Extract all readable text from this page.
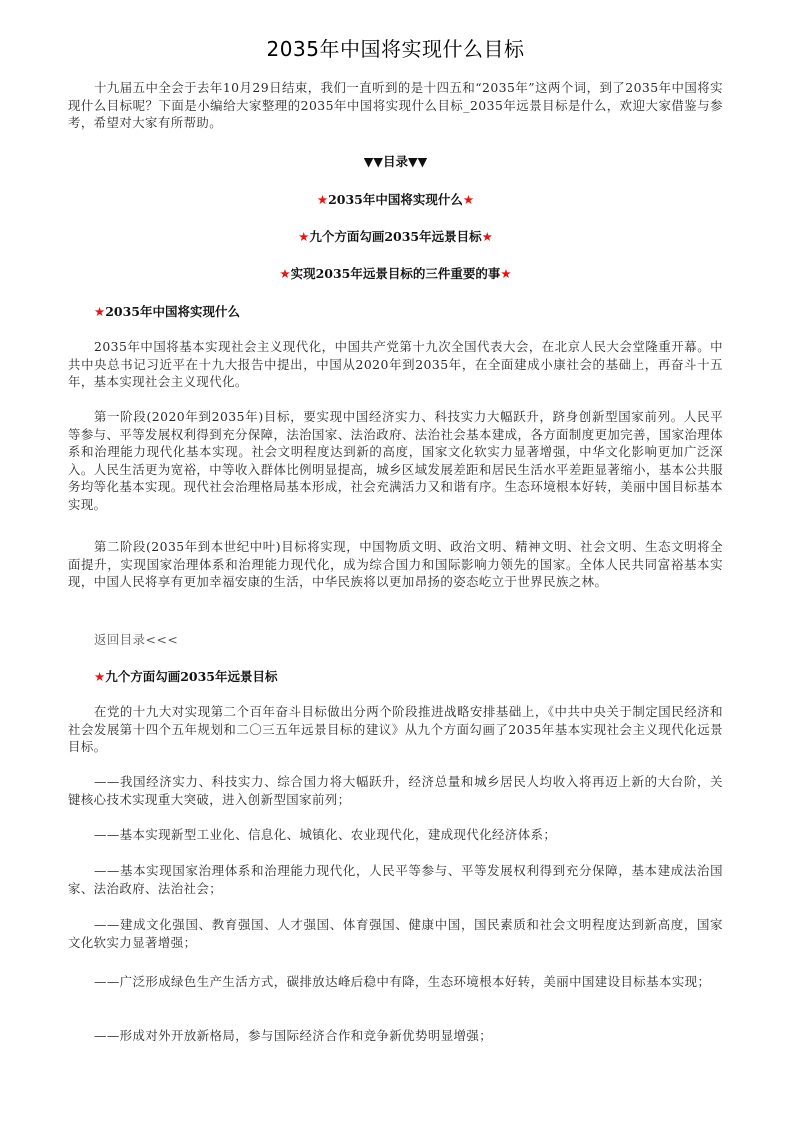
2035年中国将实现什么目标

十九届五中全会于去年10月29日结束，我们一直听到的是十四五和“2035年”这两个词，到了2035年中国将实现什么目标呢？下面是小编给大家整理的2035年中国将实现什么目标_2035年远景目标是什么，欢迎大家借鉴与参考，希望对大家有所帮助。

▼▼目录▼▼

★2035年中国将实现什么★

★九个方面勾画2035年远景目标★

★实现2035年远景目标的三件重要的事★

★2035年中国将实现什么

2035年中国将基本实现社会主义现代化，中国共产党第十九次全国代表大会，在北京人民大会堂隆重开幕。中共中央总书记习近平在十九大报告中提出，中国从2020年到2035年，在全面建成小康社会的基础上，再奋斗十五年，基本实现社会主义现代化。

第一阶段(2020年到2035年)目标，要实现中国经济实力、科技实力大幅跃升，跻身创新型国家前列。人民平等参与、平等发展权利得到充分保障，法治国家、法治政府、法治社会基本建成，各方面制度更加完善，国家治理体系和治理能力现代化基本实现。社会文明程度达到新的高度，国家文化软实力显著增强，中华文化影响更加广泛深入。人民生活更为宽裕，中等收入群体比例明显提高，城乡区域发展差距和居民生活水平差距显著缩小，基本公共服务均等化基本实现。现代社会治理格局基本形成，社会充满活力又和谐有序。生态环境根本好转，美丽中国目标基本实现。

第二阶段(2035年到本世纪中叶)目标将实现，中国物质文明、政治文明、精神文明、社会文明、生态文明将全面提升，实现国家治理体系和治理能力现代化，成为综合国力和国际影响力领先的国家。全体人民共同富裕基本实现，中国人民将享有更加幸福安康的生活，中华民族将以更加昂扬的姿态屹立于世界民族之林。

返回目录<<<

★九个方面勾画2035年远景目标

在党的十九大对实现第二个百年奋斗目标做出分两个阶段推进战略安排基础上，《中共中央关于制定国民经济和社会发展第十四个五年规划和二〇三五年远景目标的建议》从九个方面勾画了2035年基本实现社会主义现代化远景目标。

——我国经济实力、科技实力、综合国力将大幅跃升，经济总量和城乡居民人均收入将再迈上新的大台阶，关键核心技术实现重大突破，进入创新型国家前列；

——基本实现新型工业化、信息化、城镇化、农业现代化，建成现代化经济体系；

——基本实现国家治理体系和治理能力现代化，人民平等参与、平等发展权利得到充分保障，基本建成法治国家、法治政府、法治社会；

——建成文化强国、教育强国、人才强国、体育强国、健康中国，国民素质和社会文明程度达到新高度，国家文化软实力显著增强；

——广泛形成绿色生产生活方式，碳排放达峰后稳中有降，生态环境根本好转，美丽中国建设目标基本实现；

——形成对外开放新格局，参与国际经济合作和竞争新优势明显增强；
